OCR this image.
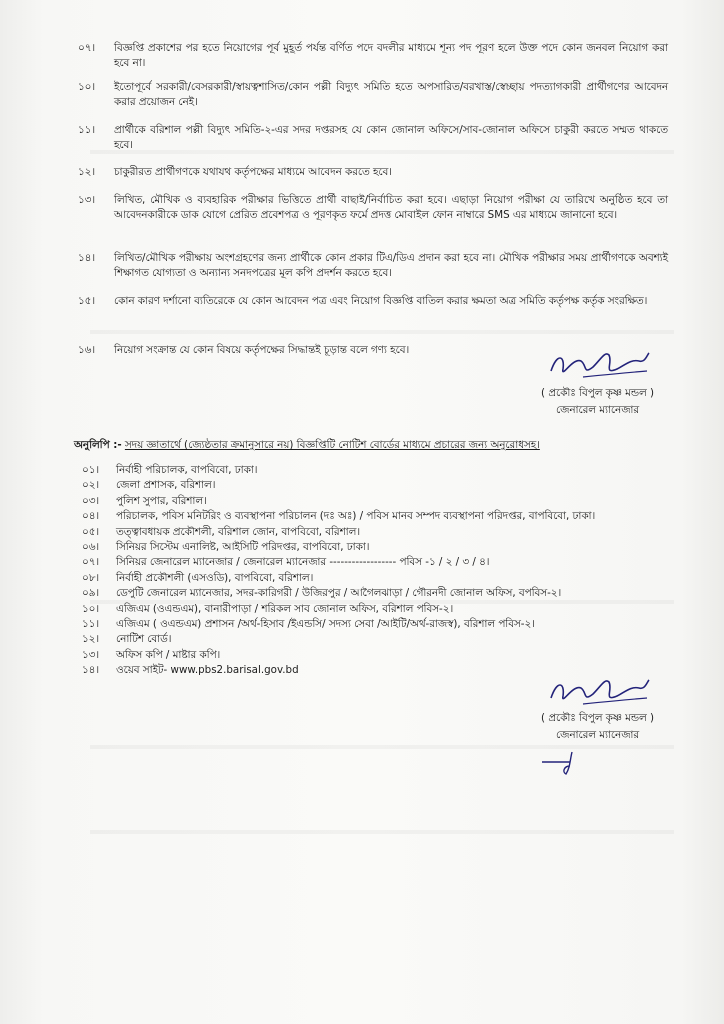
০৭।	বিজ্ঞপ্তি প্রকাশের পর হতে নিয়োগের পূর্ব মুহূর্ত পর্যন্ত বর্ণিত পদে বদলীর মাধ্যমে শূন্য পদ পূরণ হলে উক্ত পদে কোন জনবল নিয়োগ করা হবে না।
১০।	ইতোপূর্বে সরকারী/বেসরকারী/স্বায়ত্বশাসিত/কোন পল্লী বিদ্যুৎ সমিতি হতে অপসারিত/বরখাস্ত/স্বেচ্ছায় পদত্যাগকারী প্রার্থীগণের আবেদন করার প্রয়োজন নেই।
১১।	প্রার্থীকে বরিশাল পল্লী বিদ্যুৎ সমিতি-২-এর সদর দপ্তরসহ যে কোন জোনাল অফিসে/সাব-জোনাল অফিসে চাকুরী করতে সম্মত থাকতে হবে।
১২।	চাকুরীরত প্রার্থীগণকে যথাযথ কর্তৃপক্ষের মাধ্যমে আবেদন করতে হবে।
১৩।	লিখিত, মৌখিক ও ব্যবহারিক পরীক্ষার ভিত্তিতে প্রার্থী বাছাই/নির্বাচিত করা হবে। এছাড়া নিয়োগ পরীক্ষা যে তারিখে অনুষ্ঠিত হবে তা আবেদনকারীকে ডাক যোগে প্রেরিত প্রবেশপত্র ও পূরণকৃত ফর্মে প্রদত্ত মোবাইল ফোন নাম্বারে SMS এর মাধ্যমে জানানো হবে।
১৪।	লিখিত/মৌখিক পরীক্ষায় অংশগ্রহণের জন্য প্রার্থীকে কোন প্রকার টিএ/ডিএ প্রদান করা হবে না। মৌখিক পরীক্ষার সময় প্রার্থীগণকে অবশ্যই শিক্ষাগত যোগ্যতা ও অন্যান্য সনদপত্রের মূল কপি প্রদর্শন করতে হবে।
১৫।	কোন কারণ দর্শানো ব্যতিরেকে যে কোন আবেদন পত্র এবং নিয়োগ বিজ্ঞপ্তি বাতিল করার ক্ষমতা অত্র সমিতি কর্তৃপক্ষ কর্তৃক সংরক্ষিত।
১৬।	নিয়োগ সংক্রান্ত যে কোন বিষয়ে কর্তৃপক্ষের সিদ্ধান্তই চূড়ান্ত বলে গণ্য হবে।
( প্রকৌঃ বিপুল কৃষ্ণ মন্ডল )
জেনারেল ম্যানেজার
অনুলিপি :- সদয় জ্ঞাতার্থে (জ্যেষ্ঠতার ক্রমানুসারে নয়) বিজ্ঞপ্তিটি নোটিশ বোর্ডের মাধ্যমে প্রচারের জন্য অনুরোধসহ।
০১।	নির্বাহী পরিচালক, বাপবিবো, ঢাকা।
০২।	জেলা প্রশাসক, বরিশাল।
০৩।	পুলিশ সুপার, বরিশাল।
০৪।	পরিচালক, পবিস মনিটরিং ও ব্যবস্থাপনা পরিচালন (দঃ অঃ) / পবিস মানব সম্পদ ব্যবস্থাপনা পরিদপ্তর, বাপবিবো, ঢাকা।
০৫।	তত্ত্বাবধায়ক প্রকৌশলী, বরিশাল জোন, বাপবিবো, বরিশাল।
০৬।	সিনিয়র সিস্টেম এনালিষ্ট, আইসিটি পরিদপ্তর, বাপবিবো, ঢাকা।
০৭।	সিনিয়র জেনারেল ম্যানেজার / জেনারেল ম্যানেজার ------------------ পবিস -১ / ২ / ৩ / ৪।
০৮।	নির্বাহী প্রকৌশলী (এসওডি), বাপবিবো, বরিশাল।
০৯।	ডেপুটি জেনারেল ম্যানেজার, সদর-কারিগরী / উজিরপুর / আগৈলঝাড়া / গৌরনদী জোনাল অফিস, বপবিস-২।
১০।	এজিএম (ওএন্ডএম), বানারীপাড়া / শরিকল সাব জোনাল অফিস, বরিশাল পবিস-২।
১১।	এজিএম ( ওএন্ডএম) প্রশাসন /অর্থ-হিসাব /ইএন্ডসি/ সদস্য সেবা /আইটি/অর্থ-রাজস্ব), বরিশাল পবিস-২।
১২।	নোটিশ বোর্ড।
১৩।	অফিস কপি / মাষ্টার কপি।
১৪।	ওয়েব সাইট- www.pbs2.barisal.gov.bd
( প্রকৌঃ বিপুল কৃষ্ণ মন্ডল )
জেনারেল ম্যানেজার
